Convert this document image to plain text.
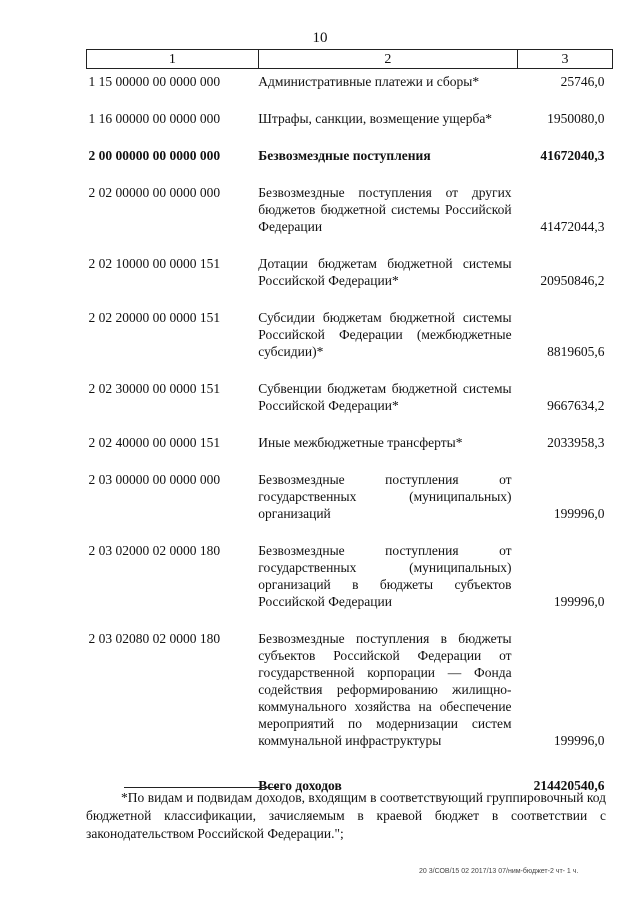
10
1	2	3
1 15 00000 00 0000 000	Административные платежи и сборы*	25746,0
1 16 00000 00 0000 000	Штрафы, санкции, возмещение ущерба*	1950080,0
2 00 00000 00 0000 000	Безвозмездные поступления	41672040,3
2 02 00000 00 0000 000	Безвозмездные поступления от других бюджетов бюджетной системы Российской Федерации	41472044,3
2 02 10000 00 0000 151	Дотации бюджетам бюджетной системы Российской Федерации*	20950846,2
2 02 20000 00 0000 151	Субсидии бюджетам бюджетной системы Российской Федерации (межбюджетные субсидии)*	8819605,6
2 02 30000 00 0000 151	Субвенции бюджетам бюджетной системы Российской Федерации*	9667634,2
2 02 40000 00 0000 151	Иные межбюджетные трансферты*	2033958,3
2 03 00000 00 0000 000	Безвозмездные поступления от государственных (муниципальных) организаций	199996,0
2 03 02000 02 0000 180	Безвозмездные поступления от государственных (муниципальных) организаций в бюджеты субъектов Российской Федерации	199996,0
2 03 02080 02 0000 180	Безвозмездные поступления в бюджеты субъектов Российской Федерации от государственной корпорации — Фонда содействия реформированию жилищно-коммунального хозяйства на обеспечение мероприятий по модернизации систем коммунальной инфраструктуры	199996,0
	Всего доходов	214420540,6
*По видам и подвидам доходов, входящим в соответствующий группировочный код бюджетной классификации, зачисляемым в краевой бюджет в соответствии с законодательством Российской Федерации.";
20 3/СОВ/15 02 2017/13 07/ним-бюджет-2 чт- 1 ч.
